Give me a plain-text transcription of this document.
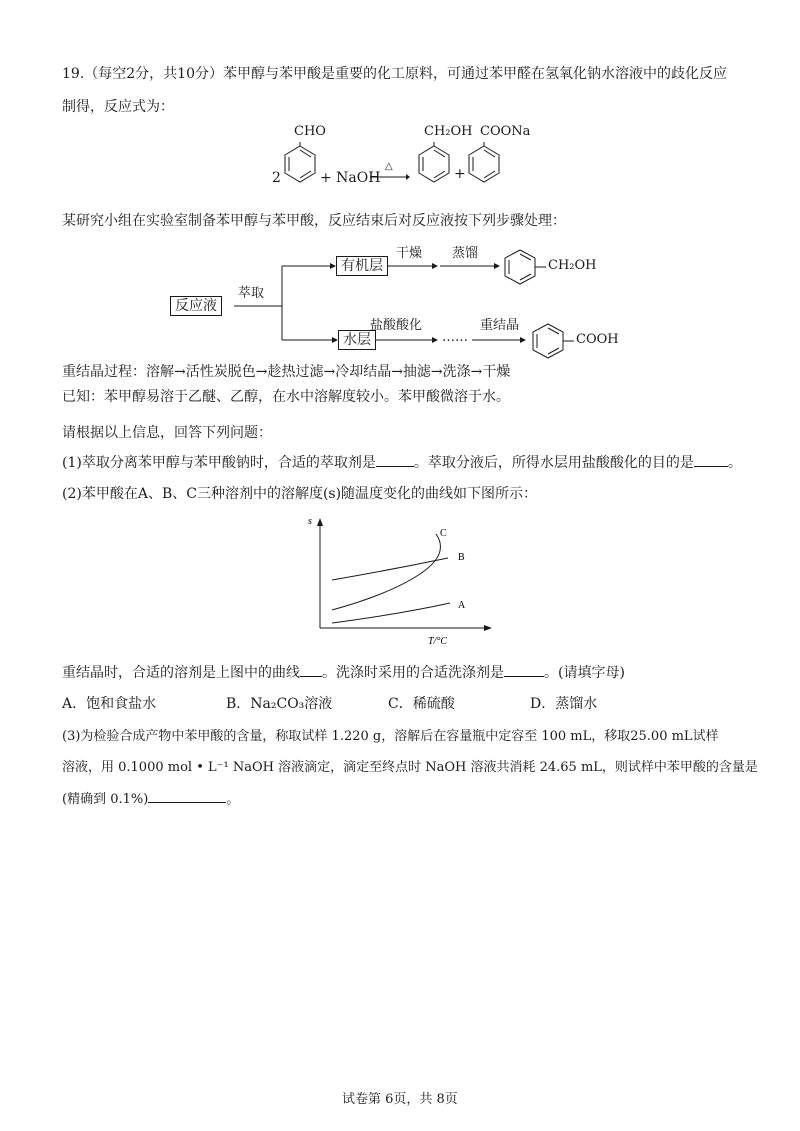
19.（每空2分，共10分）苯甲醇与苯甲酸是重要的化工原料，可通过苯甲醛在氢氧化钠水溶液中的歧化反应
制得，反应式为：
CHO
2	+ NaOH
△
CH₂OH
+
COONa
某研究小组在实验室制备苯甲醇与苯甲酸，反应结束后对反应液按下列步骤处理：
反应液
萃取
有机层
干燥 蒸馏
CH₂OH
水层
盐酸酸化
……
重结晶
COOH
重结晶过程：溶解→活性炭脱色→趁热过滤→冷却结晶→抽滤→洗涤→干燥
已知：苯甲醇易溶于乙醚、乙醇，在水中溶解度较小。苯甲酸微溶于水。
请根据以上信息，回答下列问题：
(1)萃取分离苯甲醇与苯甲酸钠时，合适的萃取剂是	。萃取分液后，所得水层用盐酸酸化的目的是 。
(2)苯甲酸在A、B、C三种溶剂中的溶解度(s)随温度变化的曲线如下图所示：
s
T/°C
C
B
A
重结晶时，合适的溶剂是上图中的曲线 。洗涤时采用的合适洗涤剂是	。(请填字母)
A．饱和食盐水	B．Na₂CO₃溶液	C．稀硫酸	D．蒸馏水
(3)为检验合成产物中苯甲酸的含量，称取试样 1.220 g，溶解后在容量瓶中定容至 100 mL，移取25.00 mL试样
溶液，用 0.1000 mol • L⁻¹ NaOH 溶液滴定，滴定至终点时 NaOH 溶液共消耗 24.65 mL，则试样中苯甲酸的含量是
(精确到 0.1%)	。
试卷第 6页，共 8页
